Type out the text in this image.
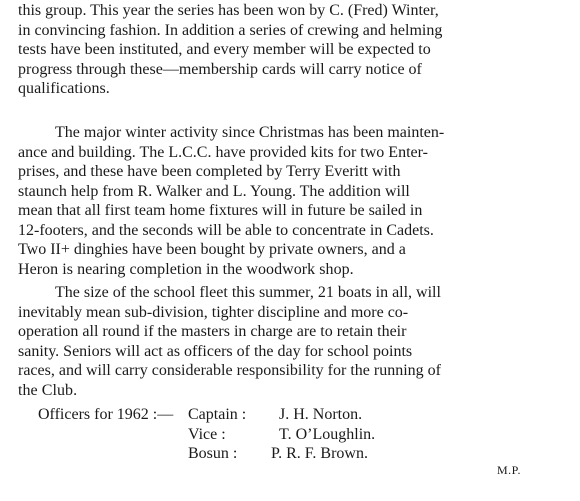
this group. This year the series has been won by C. (Fred) Winter,
in convincing fashion. In addition a series of crewing and helming
tests have been instituted, and every member will be expected to
progress through these—membership cards will carry notice of
qualifications.
The major winter activity since Christmas has been mainten-
ance and building. The L.C.C. have provided kits for two Enter-
prises, and these have been completed by Terry Everitt with
staunch help from R. Walker and L. Young. The addition will
mean that all first team home fixtures will in future be sailed in
12-footers, and the seconds will be able to concentrate in Cadets.
Two II+ dinghies have been bought by private owners, and a
Heron is nearing completion in the woodwork shop.
The size of the school fleet this summer, 21 boats in all, will
inevitably mean sub-division, tighter discipline and more co-
operation all round if the masters in charge are to retain their
sanity. Seniors will act as officers of the day for school points
races, and will carry considerable responsibility for the running of
the Club.
Officers for 1962 :— Captain : J. H. Norton.
Vice :	T. O’Loughlin.
Bosun : P. R. F. Brown.
M.P.
